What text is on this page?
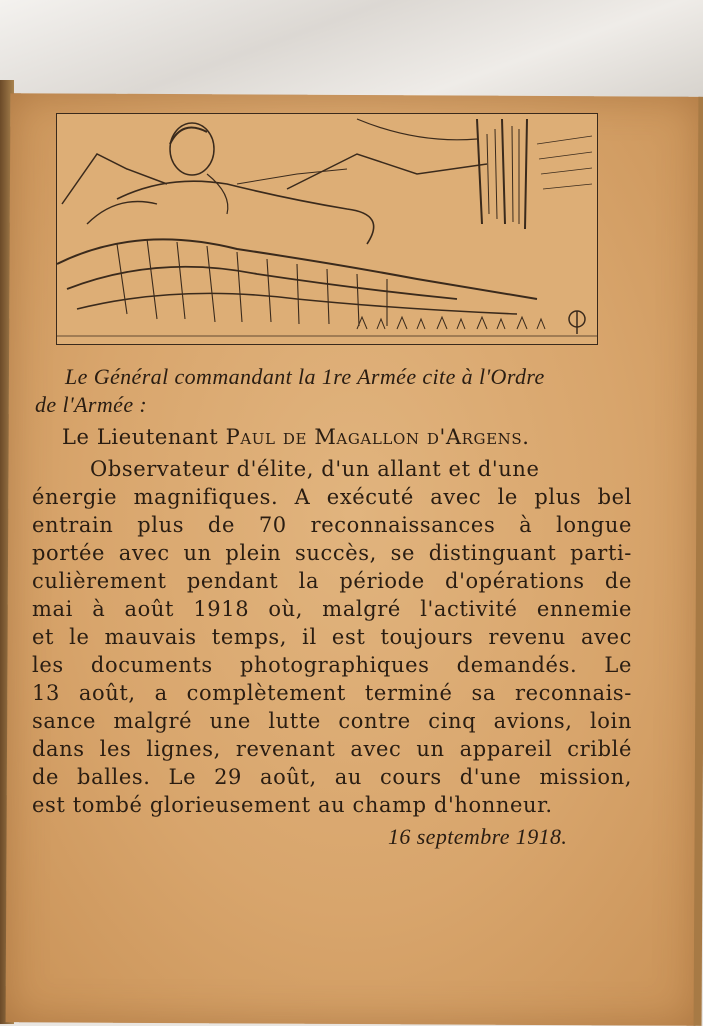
Le Général commandant la 1re Armée cite à l'Ordre
de l'Armée :
Le Lieutenant Paul de Magallon d'Argens.
Observateur d'élite, d'un allant et d'une
énergie magnifiques. A exécuté avec le plus bel
entrain plus de 70 reconnaissances à longue
portée avec un plein succès, se distinguant parti-
culièrement pendant la période d'opérations de
mai à août 1918 où, malgré l'activité ennemie
et le mauvais temps, il est toujours revenu avec
les documents photographiques demandés. Le
13 août, a complètement terminé sa reconnais-
sance malgré une lutte contre cinq avions, loin
dans les lignes, revenant avec un appareil criblé
de balles. Le 29 août, au cours d'une mission,
est tombé glorieusement au champ d'honneur.
16 septembre 1918.
